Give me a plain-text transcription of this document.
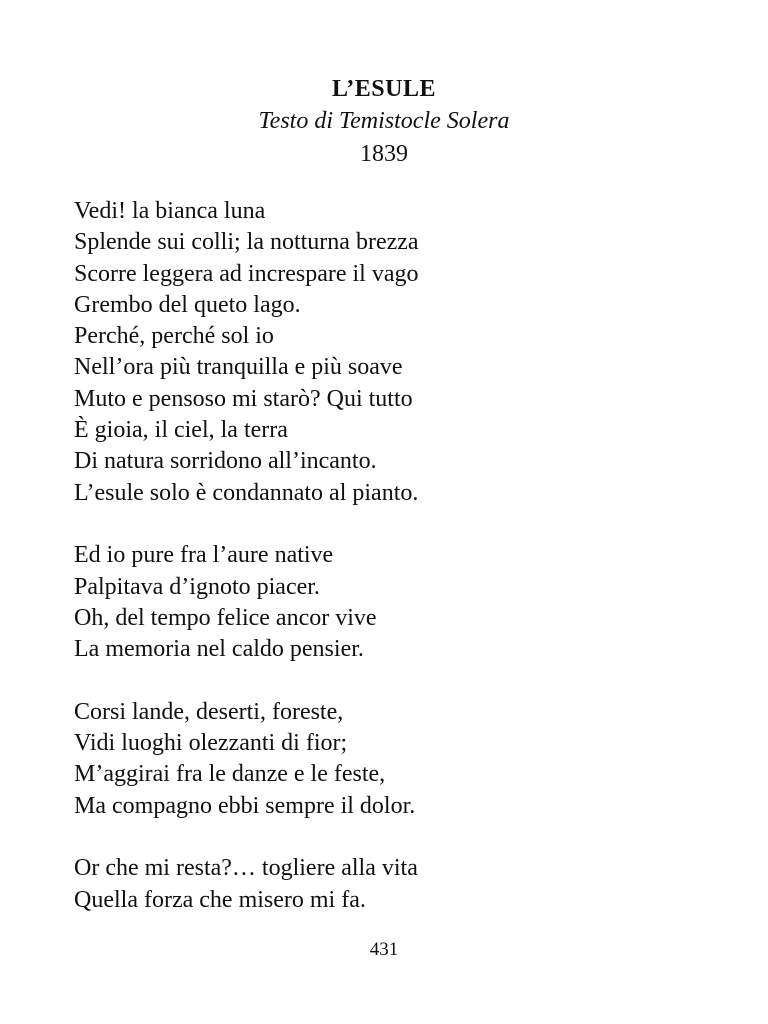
L’ESULE
Testo di Temistocle Solera
1839
Vedi! la bianca luna
Splende sui colli; la notturna brezza
Scorre leggera ad increspare il vago
Grembo del queto lago.
Perché, perché sol io
Nell’ora più tranquilla e più soave
Muto e pensoso mi starò? Qui tutto
È gioia, il ciel, la terra
Di natura sorridono all’incanto.
L’esule solo è condannato al pianto.
Ed io pure fra l’aure native
Palpitava d’ignoto piacer.
Oh, del tempo felice ancor vive
La memoria nel caldo pensier.
Corsi lande, deserti, foreste,
Vidi luoghi olezzanti di fior;
M’aggirai fra le danze e le feste,
Ma compagno ebbi sempre il dolor.
Or che mi resta?… togliere alla vita
Quella forza che misero mi fa.
431
